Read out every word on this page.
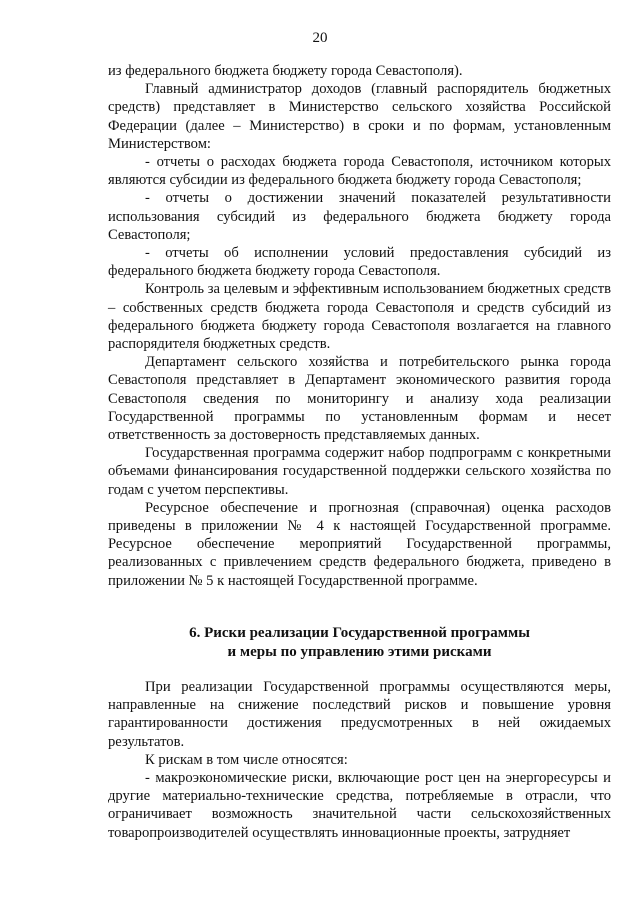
20

из федерального бюджета бюджету города Севастополя).

Главный администратор доходов (главный распорядитель бюджетных средств) представляет в Министерство сельского хозяйства Российской Федерации (далее – Министерство) в сроки и по формам, установленным Министерством:

- отчеты о расходах бюджета города Севастополя, источником которых являются субсидии из федерального бюджета бюджету города Севастополя;

- отчеты о достижении значений показателей результативности использования субсидий из федерального бюджета бюджету города Севастополя;

- отчеты об исполнении условий предоставления субсидий из федерального бюджета бюджету города Севастополя.

Контроль за целевым и эффективным использованием бюджетных средств – собственных средств бюджета города Севастополя и средств субсидий из федерального бюджета бюджету города Севастополя возлагается на главного распорядителя бюджетных средств.

Департамент сельского хозяйства и потребительского рынка города Севастополя представляет в Департамент экономического развития города Севастополя сведения по мониторингу и анализу хода реализации Государственной программы по установленным формам и несет ответственность за достоверность представляемых данных.

Государственная программа содержит набор подпрограмм с конкретными объемами финансирования государственной поддержки сельского хозяйства по годам с учетом перспективы.

Ресурсное обеспечение и прогнозная (справочная) оценка расходов приведены в приложении № 4 к настоящей Государственной программе. Ресурсное обеспечение мероприятий Государственной программы, реализованных с привлечением средств федерального бюджета, приведено в приложении № 5 к настоящей Государственной программе.

6. Риски реализации Государственной программы
и меры по управлению этими рисками

При реализации Государственной программы осуществляются меры, направленные на снижение последствий рисков и повышение уровня гарантированности достижения предусмотренных в ней ожидаемых результатов.

К рискам в том числе относятся:

- макроэкономические риски, включающие рост цен на энергоресурсы и другие материально-технические средства, потребляемые в отрасли, что ограничивает возможность значительной части сельскохозяйственных товаропроизводителей осуществлять инновационные проекты, затрудняет
